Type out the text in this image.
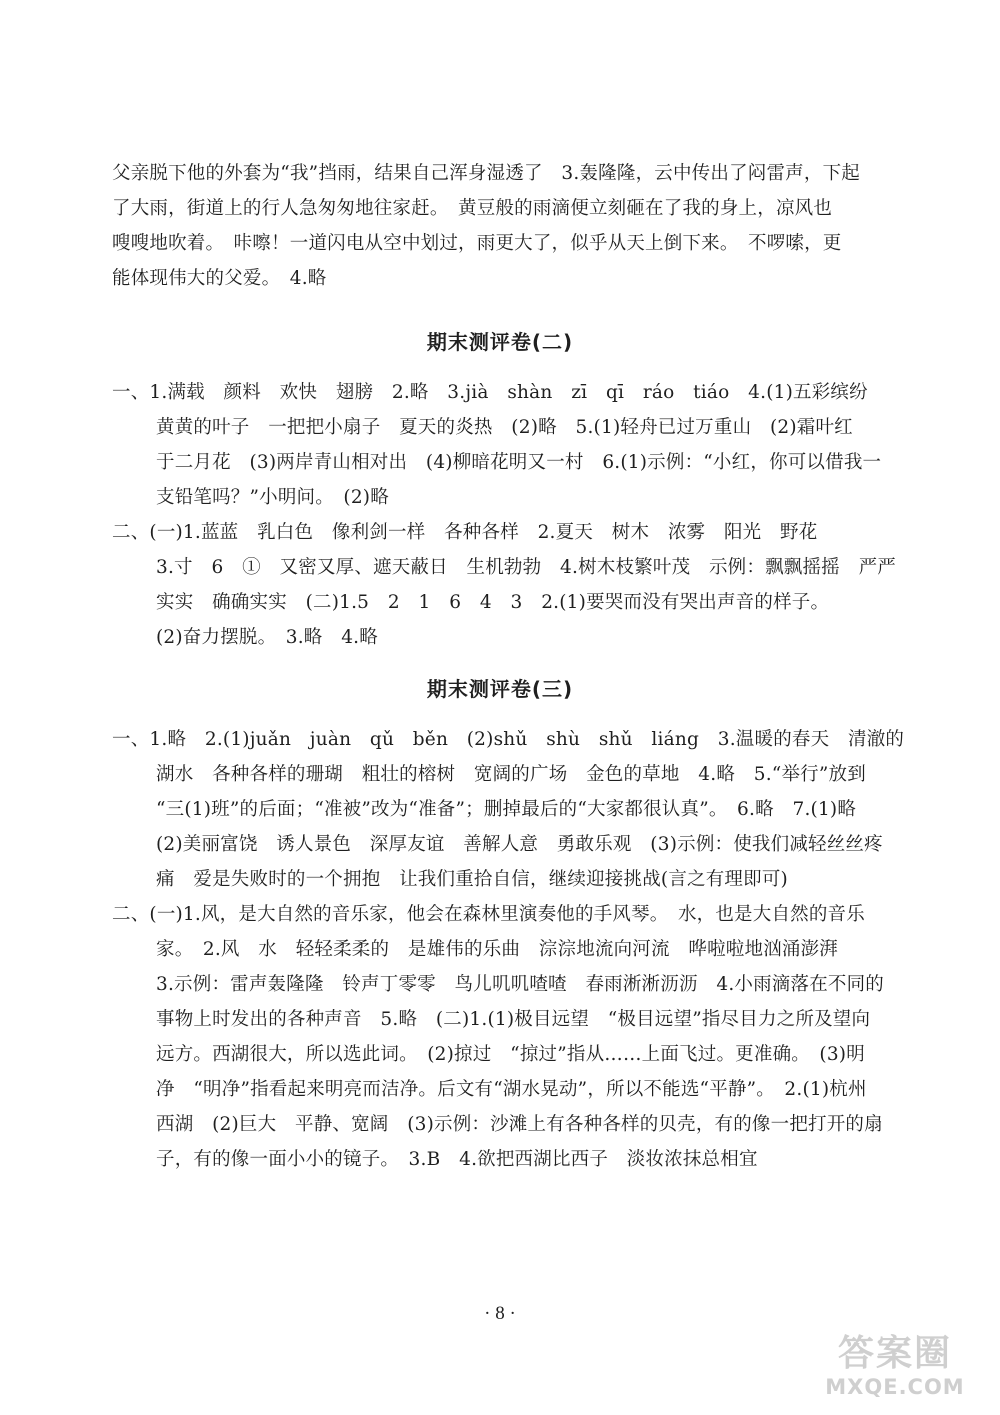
父亲脱下他的外套为“我”挡雨，结果自己浑身湿透了　3.轰隆隆，云中传出了闷雷声，下起
了大雨，街道上的行人急匆匆地往家赶。　黄豆般的雨滴便立刻砸在了我的身上，凉风也
嗖嗖地吹着。　咔嚓！一道闪电从空中划过，雨更大了，似乎从天上倒下来。　不啰嗦，更
能体现伟大的父爱。　4.略
期末测评卷(二)
一、1.满载　颜料　欢快　翅膀　2.略　3.jià　shàn　zī　qī　ráo　tiáo　4.(1)五彩缤纷
黄黄的叶子　一把把小扇子　夏天的炎热　(2)略　5.(1)轻舟已过万重山　(2)霜叶红
于二月花　(3)两岸青山相对出　(4)柳暗花明又一村　6.(1)示例：“小红，你可以借我一
支铅笔吗？”小明问。　(2)略
二、(一)1.蓝蓝　乳白色　像利剑一样　各种各样　2.夏天　树木　浓雾　阳光　野花
3.寸　6　①　又密又厚、遮天蔽日　生机勃勃　4.树木枝繁叶茂　示例：飘飘摇摇　严严
实实　确确实实　(二)1.5　2　1　6　4　3　2.(1)要哭而没有哭出声音的样子。
(2)奋力摆脱。　3.略　4.略
期末测评卷(三)
一、1.略　2.(1)juǎn　juàn　qǔ　běn　(2)shǔ　shù　shǔ　liáng　3.温暖的春天　清澈的
湖水　各种各样的珊瑚　粗壮的榕树　宽阔的广场　金色的草地　4.略　5.“举行”放到
“三(1)班”的后面；“准被”改为“准备”；删掉最后的“大家都很认真”。　6.略　7.(1)略
(2)美丽富饶　诱人景色　深厚友谊　善解人意　勇敢乐观　(3)示例：使我们减轻丝丝疼
痛　爱是失败时的一个拥抱　让我们重拾自信，继续迎接挑战(言之有理即可)
二、(一)1.风，是大自然的音乐家，他会在森林里演奏他的手风琴。　水，也是大自然的音乐
家。　2.风　水　轻轻柔柔的　是雄伟的乐曲　淙淙地流向河流　哗啦啦地汹涌澎湃
3.示例：雷声轰隆隆　铃声丁零零　鸟儿叽叽喳喳　春雨淅淅沥沥　4.小雨滴落在不同的
事物上时发出的各种声音　5.略　(二)1.(1)极目远望　“极目远望”指尽目力之所及望向
远方。西湖很大，所以选此词。　(2)掠过　“掠过”指从……上面飞过。更准确。　(3)明
净　“明净”指看起来明亮而洁净。后文有“湖水晃动”，所以不能选“平静”。　2.(1)杭州
西湖　(2)巨大　平静、宽阔　(3)示例：沙滩上有各种各样的贝壳，有的像一把打开的扇
子，有的像一面小小的镜子。　3.B　4.欲把西湖比西子　淡妆浓抹总相宜
· 8 ·
答案圈
MXQE.COM
